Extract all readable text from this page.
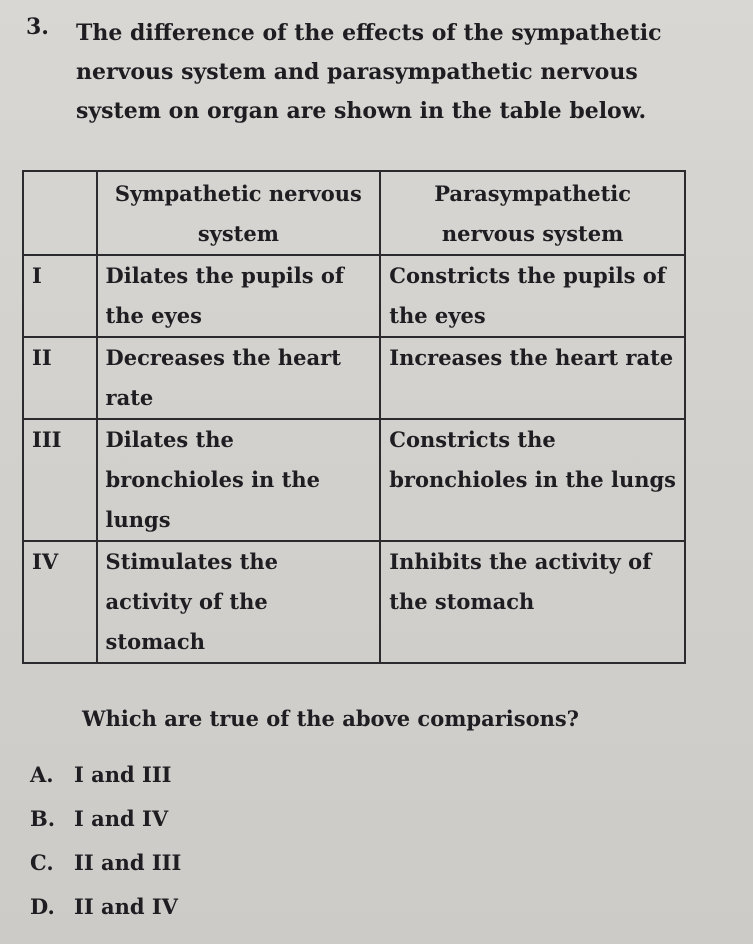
3. The difference of the effects of the sympathetic
nervous system and parasympathetic nervous
system on organ are shown in the table below.
	Sympathetic nervous system	Parasympathetic nervous system
I	Dilates the pupils of the eyes	Constricts the pupils of the eyes
II	Decreases the heart rate	Increases the heart rate
III	Dilates the bronchioles in the lungs	Constricts the bronchioles in the lungs
IV	Stimulates the activity of the stomach	Inhibits the activity of the stomach
Which are true of the above comparisons?
A. I and III
B. I and IV
C. II and III
D. II and IV
